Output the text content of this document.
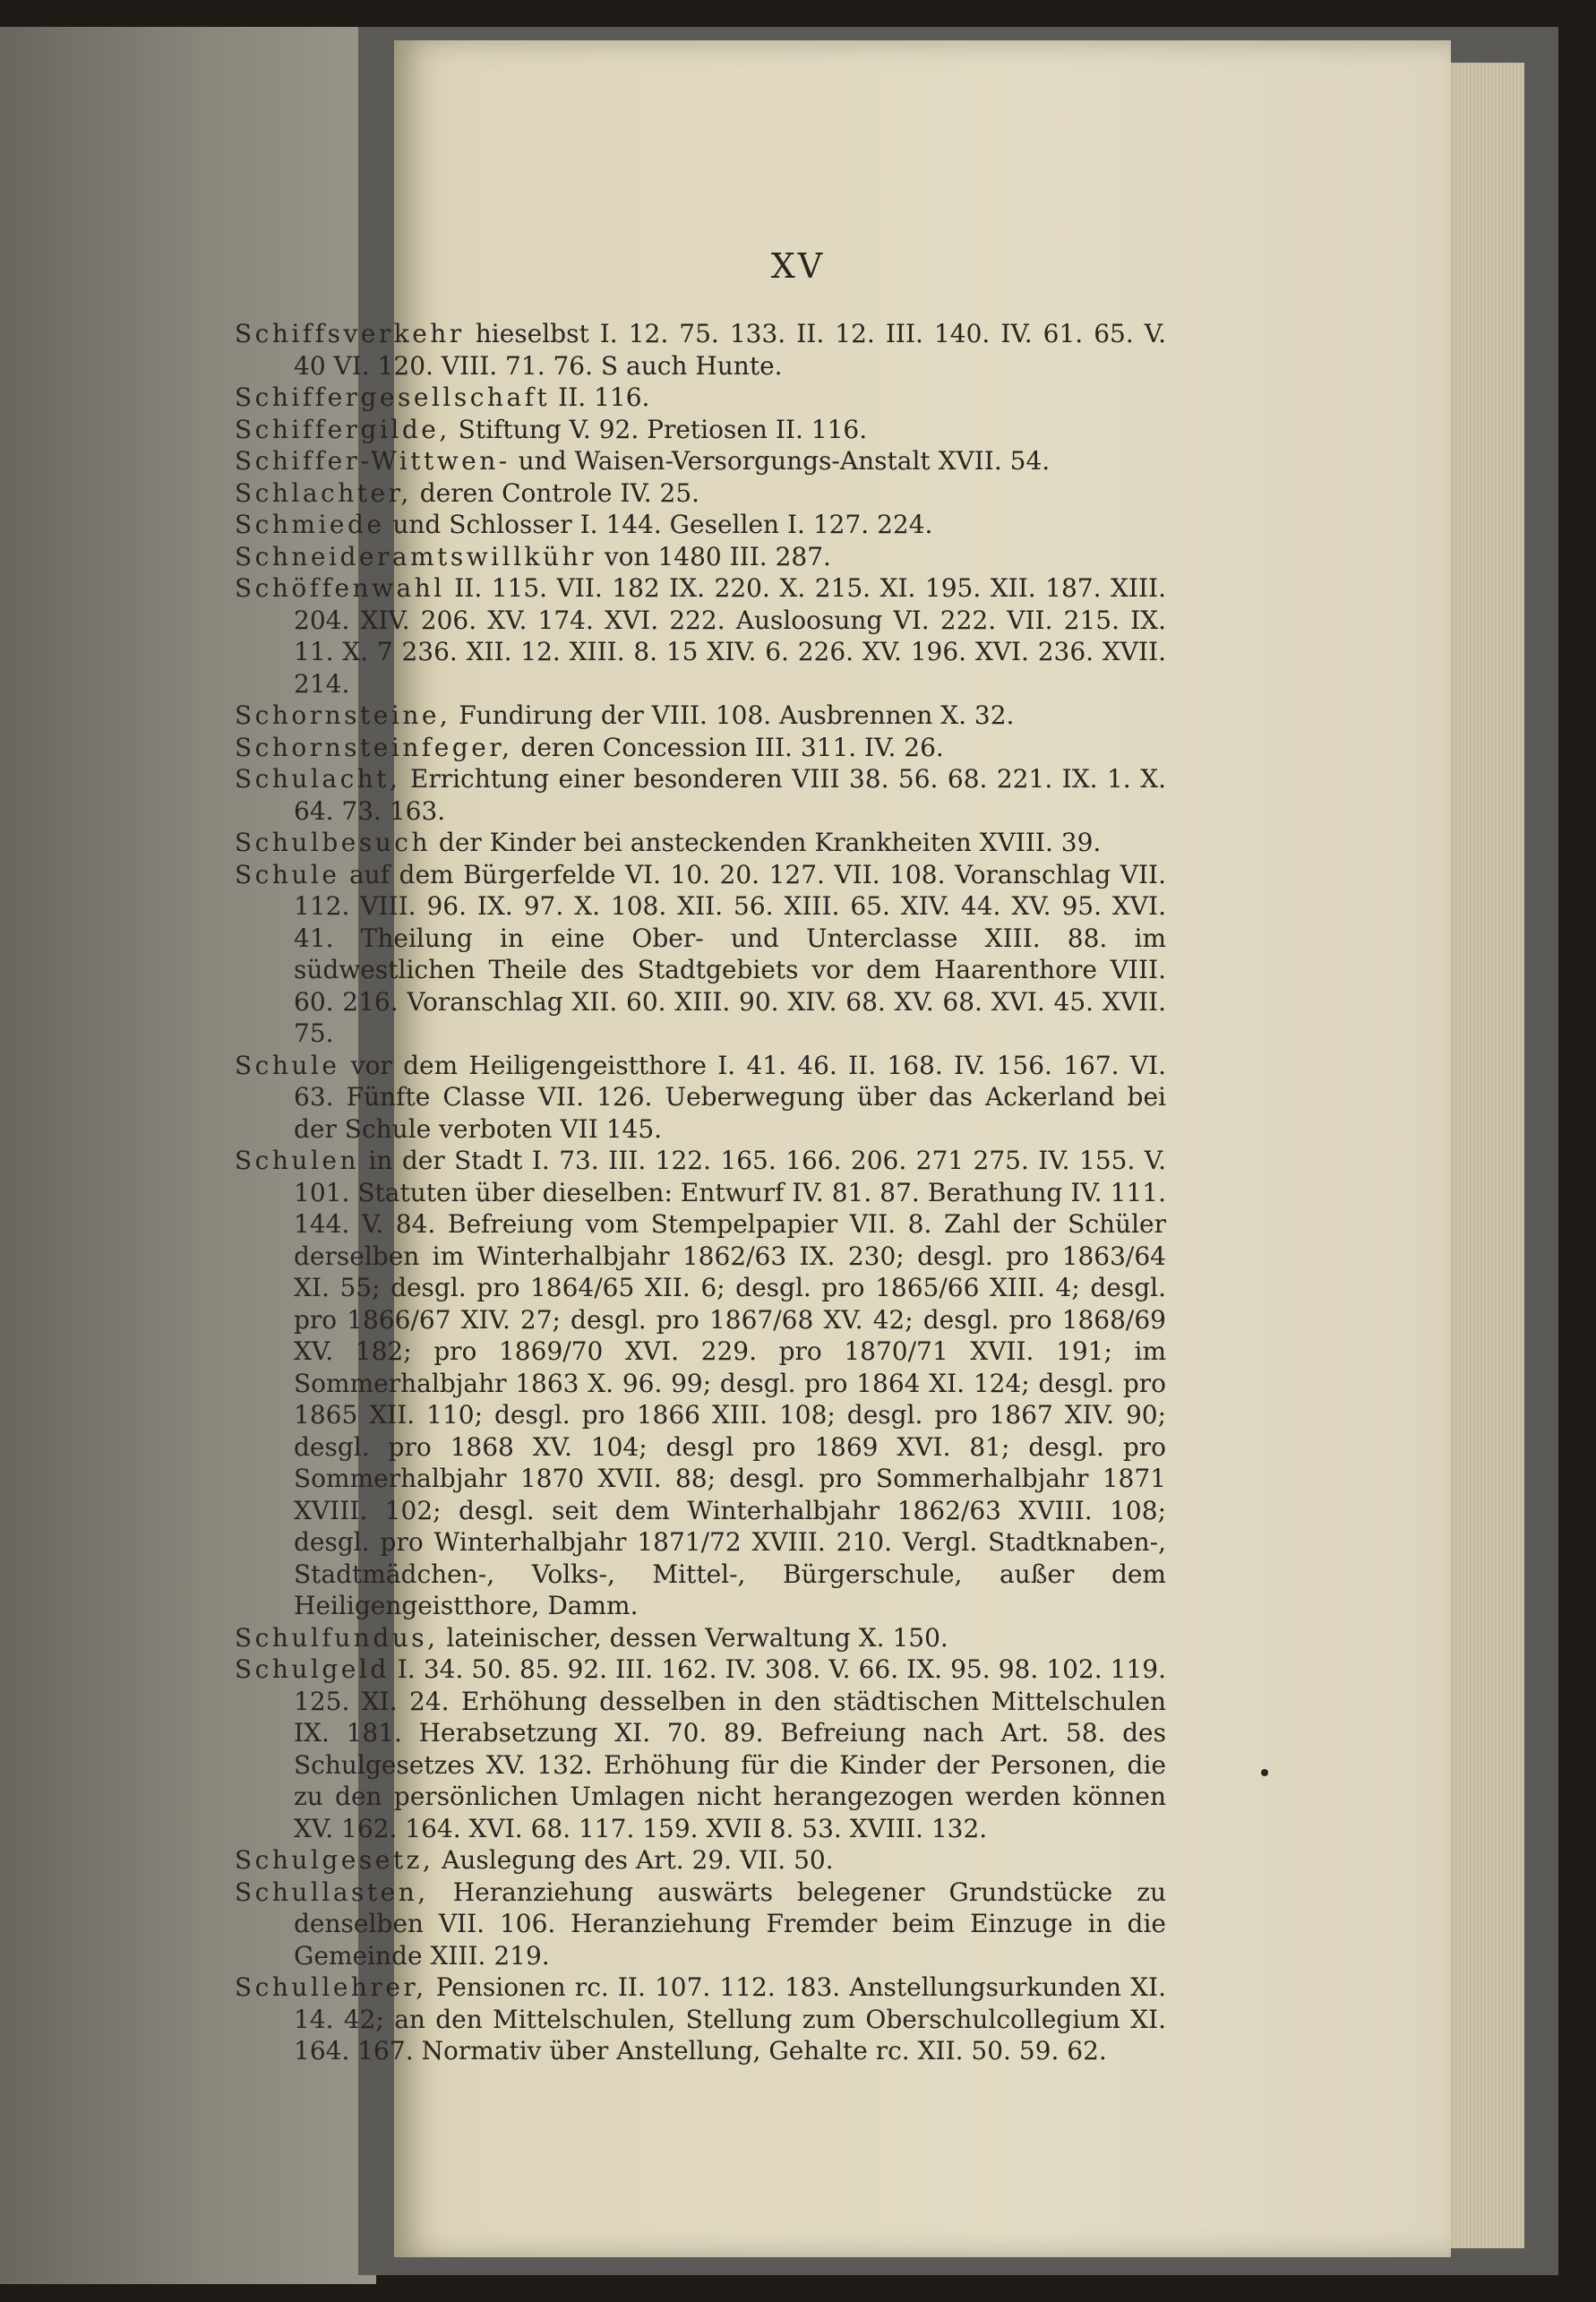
XV

Schiffsverkehr hieselbst I. 12. 75. 133. II. 12. III. 140. IV. 61. 65. V. 40 VI. 120. VIII. 71. 76. S auch Hunte.

Schiffergesellschaft II. 116.

Schiffergilde, Stiftung V. 92. Pretiosen II. 116.

Schiffer-Wittwen- und Waisen-Versorgungs-Anstalt XVII. 54.

Schlachter, deren Controle IV. 25.

Schmiede und Schlosser I. 144. Gesellen I. 127. 224.

Schneideramtswillkühr von 1480 III. 287.

Schöffenwahl II. 115. VII. 182 IX. 220. X. 215. XI. 195. XII. 187. XIII. 204. XIV. 206. XV. 174. XVI. 222. Ausloosung VI. 222. VII. 215. IX. 11. X. 7 236. XII. 12. XIII. 8. 15 XIV. 6. 226. XV. 196. XVI. 236. XVII. 214.

Schornsteine, Fundirung der VIII. 108. Ausbrennen X. 32.

Schornsteinfeger, deren Concession III. 311. IV. 26.

Schulacht, Errichtung einer besonderen VIII 38. 56. 68. 221. IX. 1. X. 64. 73. 163.

Schulbesuch der Kinder bei ansteckenden Krankheiten XVIII. 39.

Schule auf dem Bürgerfelde VI. 10. 20. 127. VII. 108. Voranschlag VII. 112. VIII. 96. IX. 97. X. 108. XII. 56. XIII. 65. XIV. 44. XV. 95. XVI. 41. Theilung in eine Ober- und Unterclasse XIII. 88. im südwestlichen Theile des Stadtgebiets vor dem Haarenthore VIII. 60. 216. Voranschlag XII. 60. XIII. 90. XIV. 68. XV. 68. XVI. 45. XVII. 75.

Schule vor dem Heiligengeistthore I. 41. 46. II. 168. IV. 156. 167. VI. 63. Fünfte Classe VII. 126. Ueberwegung über das Ackerland bei der Schule verboten VII 145.

Schulen in der Stadt I. 73. III. 122. 165. 166. 206. 271 275. IV. 155. V. 101. Statuten über dieselben: Entwurf IV. 81. 87. Berathung IV. 111. 144. V. 84. Befreiung vom Stempelpapier VII. 8. Zahl der Schüler derselben im Winterhalbjahr 1862/63 IX. 230; desgl. pro 1863/64 XI. 55; desgl. pro 1864/65 XII. 6; desgl. pro 1865/66 XIII. 4; desgl. pro 1866/67 XIV. 27; desgl. pro 1867/68 XV. 42; desgl. pro 1868/69 XV. 182; pro 1869/70 XVI. 229. pro 1870/71 XVII. 191; im Sommerhalbjahr 1863 X. 96. 99; desgl. pro 1864 XI. 124; desgl. pro 1865 XII. 110; desgl. pro 1866 XIII. 108; desgl. pro 1867 XIV. 90; desgl. pro 1868 XV. 104; desgl pro 1869 XVI. 81; desgl. pro Sommerhalbjahr 1870 XVII. 88; desgl. pro Sommerhalbjahr 1871 XVIII. 102; desgl. seit dem Winterhalbjahr 1862/63 XVIII. 108; desgl. pro Winterhalbjahr 1871/72 XVIII. 210. Vergl. Stadtknaben-, Stadtmädchen-, Volks-, Mittel-, Bürgerschule, außer dem Heiligengeistthore, Damm.

Schulfundus, lateinischer, dessen Verwaltung X. 150.

Schulgeld I. 34. 50. 85. 92. III. 162. IV. 308. V. 66. IX. 95. 98. 102. 119. 125. XI. 24. Erhöhung desselben in den städtischen Mittelschulen IX. 181. Herabsetzung XI. 70. 89. Befreiung nach Art. 58. des Schulgesetzes XV. 132. Erhöhung für die Kinder der Personen, die zu den persönlichen Umlagen nicht herangezogen werden können XV. 162. 164. XVI. 68. 117. 159. XVII 8. 53. XVIII. 132.

Schulgesetz, Auslegung des Art. 29. VII. 50.

Schullasten, Heranziehung auswärts belegener Grundstücke zu denselben VII. 106. Heranziehung Fremder beim Einzuge in die Gemeinde XIII. 219.

Schullehrer, Pensionen rc. II. 107. 112. 183. Anstellungsurkunden XI. 14. 42; an den Mittelschulen, Stellung zum Oberschulcollegium XI. 164. 167. Normativ über Anstellung, Gehalte rc. XII. 50. 59. 62.
